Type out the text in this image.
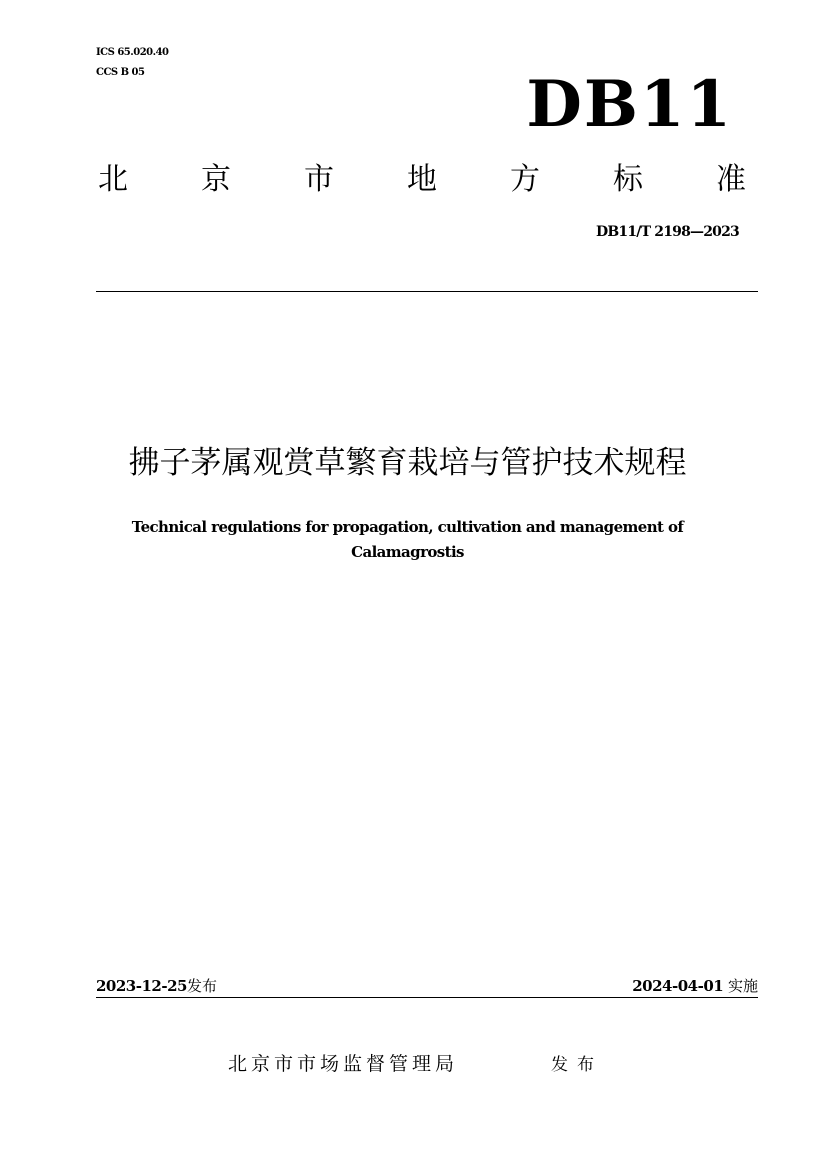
ICS 65.020.40
CCS B 05	DB11
北 京 市 地 方 标 准
DB11/T 2198—2023
拂子茅属观赏草繁育栽培与管护技术规程
Technical regulations for propagation, cultivation and management of
Calamagrostis
2023-12-25发布	2024-04-01 实施
北京市市场监督管理局	发布
